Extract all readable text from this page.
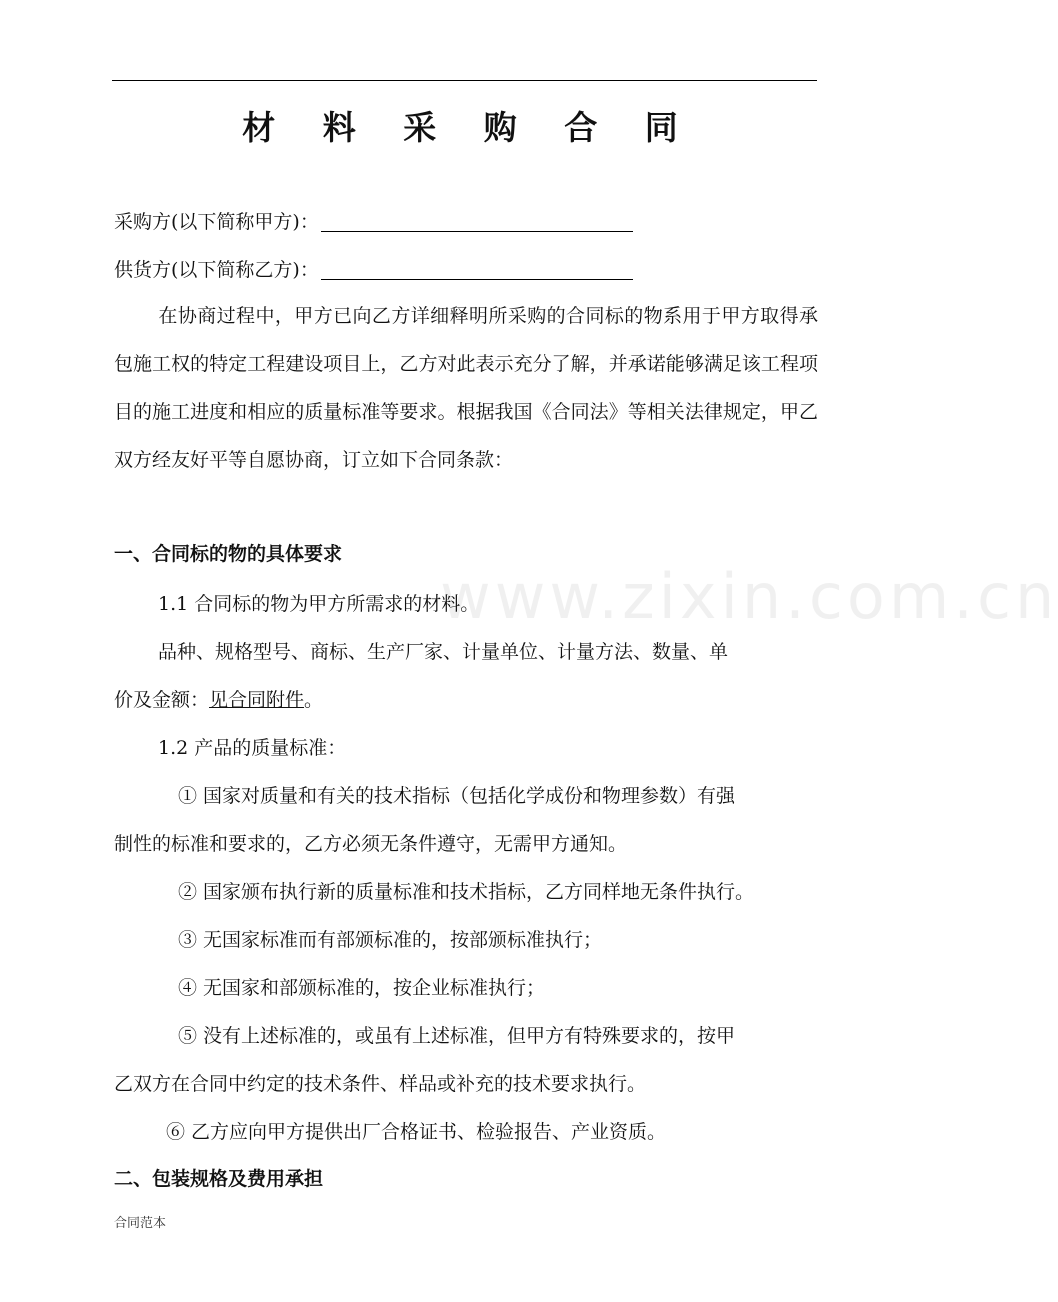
材 料 采 购 合 同
采购方(以下简称甲方)：
供货方(以下简称乙方)：
在协商过程中，甲方已向乙方详细释明所采购的合同标的物系用于甲方取得承包施工权的特定工程建设项目上，乙方对此表示充分了解，并承诺能够满足该工程项目的施工进度和相应的质量标准等要求。根据我国《合同法》等相关法律规定，甲乙双方经友好平等自愿协商，订立如下合同条款：
一、合同标的物的具体要求
1.1 合同标的物为甲方所需求的材料。
品种、规格型号、商标、生产厂家、计量单位、计量方法、数量、单
价及金额：见合同附件。
1.2 产品的质量标准：
① 国家对质量和有关的技术指标（包括化学成份和物理参数）有强
制性的标准和要求的，乙方必须无条件遵守，无需甲方通知。
② 国家颁布执行新的质量标准和技术指标，乙方同样地无条件执行。
③ 无国家标准而有部颁标准的，按部颁标准执行；
④ 无国家和部颁标准的，按企业标准执行；
⑤ 没有上述标准的，或虽有上述标准，但甲方有特殊要求的，按甲
乙双方在合同中约定的技术条件、样品或补充的技术要求执行。
⑥ 乙方应向甲方提供出厂合格证书、检验报告、产业资质。
二、包装规格及费用承担
合同范本
www.zixin.com.cn
